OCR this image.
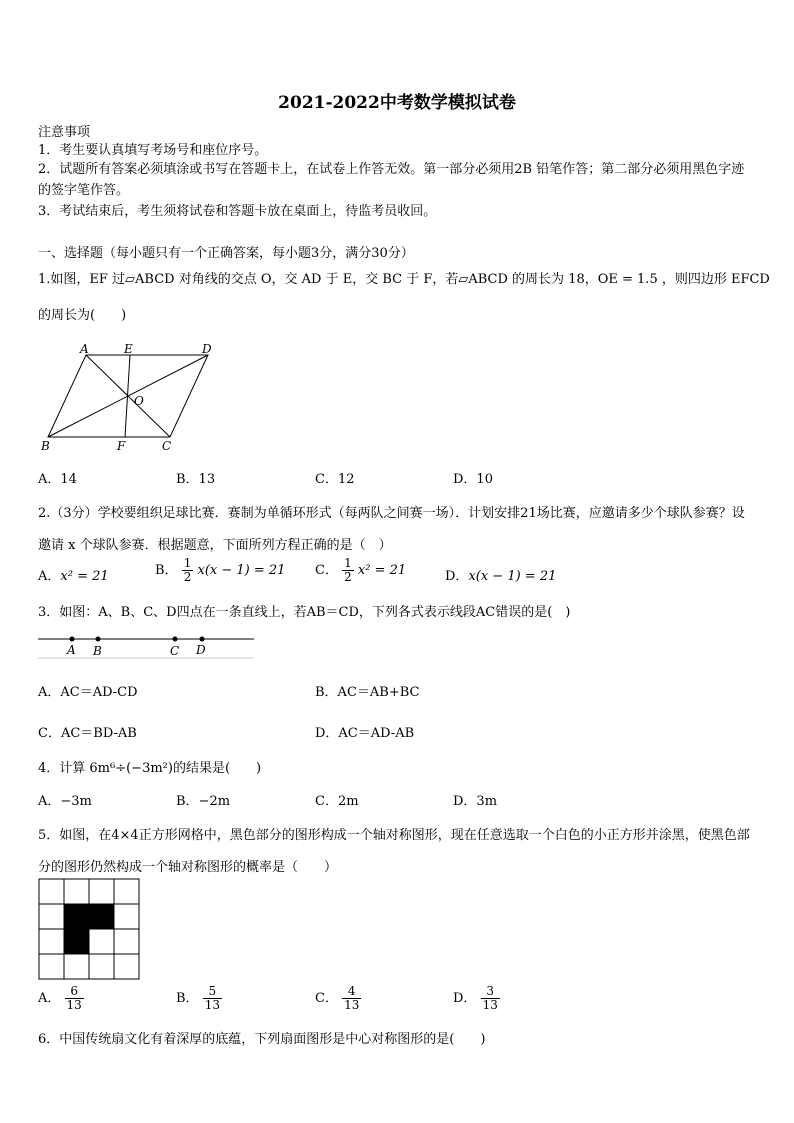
2021-2022中考数学模拟试卷
注意事项
1．考生要认真填写考场号和座位序号。
2．试题所有答案必须填涂或书写在答题卡上，在试卷上作答无效。第一部分必须用2B 铅笔作答；第二部分必须用黑色字迹的签字笔作答。
3．考试结束后，考生须将试卷和答题卡放在桌面上，待监考员收回。
一、选择题（每小题只有一个正确答案，每小题3分，满分30分）
1.如图，EF 过▱ABCD 对角线的交点 O，交 AD 于 E，交 BC 于 F，若▱ABCD 的周长为 18，OE = 1.5 ，则四边形 EFCD
的周长为(　　)
A	E	D
O
B	F	C
A．14	B．13	C．12	D．10
2.（3分）学校要组织足球比赛．赛制为单循环形式（每两队之间赛一场）．计划安排21场比赛，应邀请多少个球队参赛？设邀请 x 个球队参赛．根据题意，下面所列方程正确的是（　）
A．x² = 21	B． $\frac{1}{2} x(x - 1) = 21$ C． $\frac{1}{2} x^2 = 21$	D．x(x − 1) = 21
3．如图：A、B、C、D四点在一条直线上，若AB＝CD，下列各式表示线段AC错误的是(　)
A B	C D
A．AC＝AD-CD	B．AC＝AB+BC
C．AC＝BD-AB	D．AC＝AD-AB
4．计算 6m⁶÷(−3m²)的结果是(　　)
A．−3m	B．−2m	C．2m	D．3m
5．如图，在4×4正方形网格中，黑色部分的图形构成一个轴对称图形，现在任意选取一个白色的小正方形并涂黑，使黑色部分的图形仍然构成一个轴对称图形的概率是（　　）
A． $\frac{6}{13}$	B． $\frac{5}{13}$	C． $\frac{4}{13}$	D． $\frac{3}{13}$
6．中国传统扇文化有着深厚的底蕴，下列扇面图形是中心对称图形的是(　　)
